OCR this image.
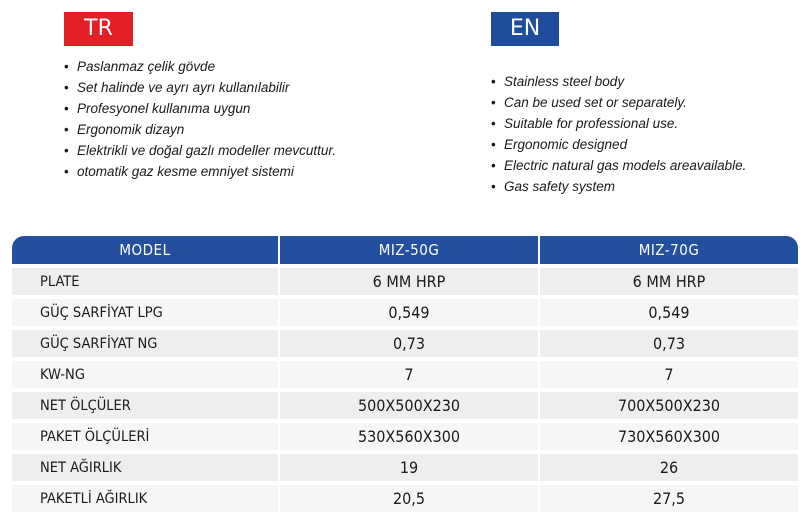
TR	EN
• Paslanmaz çelik gövde
• Set halinde ve ayrı ayrı kullanılabilir
• Profesyonel kullanıma uygun
• Ergonomik dizayn
• Elektrikli ve doğal gazlı modeller mevcuttur.
• otomatik gaz kesme emniyet sistemi
• Stainless steel body
• Can be used set or separately.
• Suitable for professional use.
• Ergonomic designed
• Electric natural gas models areavailable.
• Gas safety system
MODEL	MIZ-50G	MIZ-70G
PLATE	6 MM HRP	6 MM HRP
GÜÇ SARFİYAT LPG	0,549	0,549
GÜÇ SARFİYAT NG	0,73	0,73
KW-NG	7	7
NET ÖLÇÜLER	500X500X230	700X500X230
PAKET ÖLÇÜLERİ	530X560X300	730X560X300
NET AĞIRLIK	19	26
PAKETLİ AĞIRLIK	20,5	27,5
